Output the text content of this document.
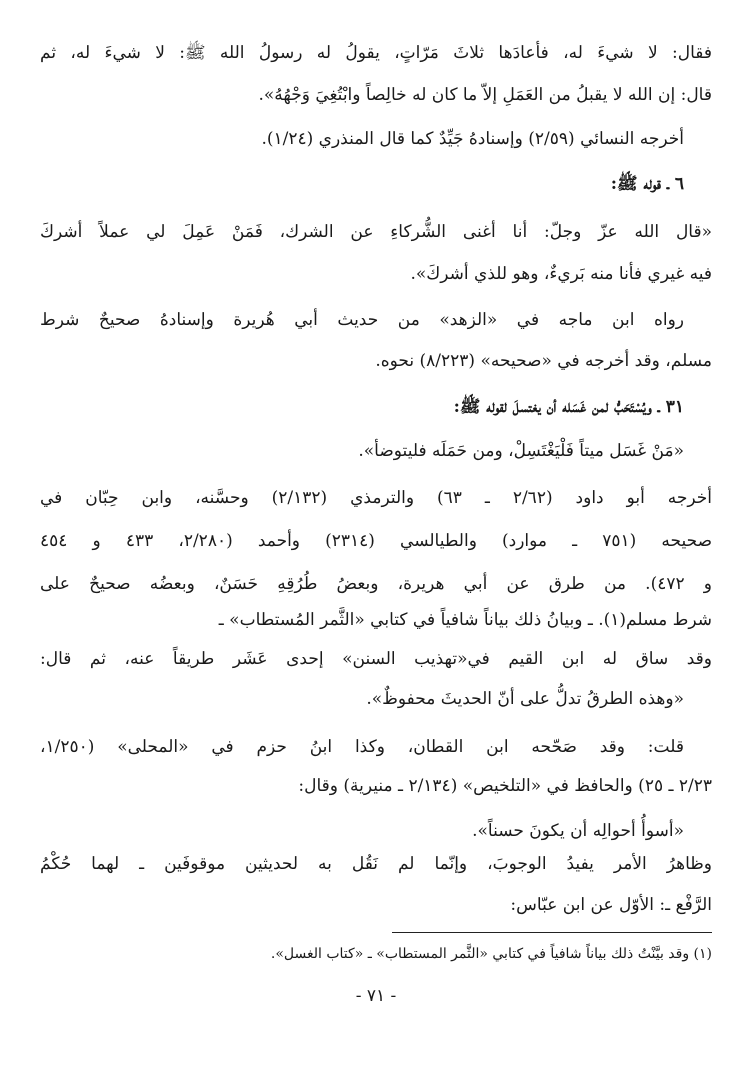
فقال: لا شيءَ له، فأعادَها ثلاثَ مَرّاتٍ، يقولُ له رسولُ الله ﷺ: لا شيءَ له، ثم
قال: إن الله لا يقبلُ من العَمَلِ إلاّ ما كان له خالِصاً وابْتُغِيَ وَجْهُهُ».
أخرجه النسائي (٢/٥٩) وإسنادهُ جَيِّدٌ كما قال المنذري (١/٢٤).
٦ ـ قوله ﷺ:
«قال الله عزّ وجلّ: أنا أغنى الشُّركاءِ عن الشرك، فَمَنْ عَمِلَ لي عملاً أشركَ
فيه غيري فأنا منه بَريءٌ، وهو للذي أشركَ».
رواه ابن ماجه في «الزهد» من حديث أبي هُريرة وإسنادهُ صحيحٌ شرط
مسلم، وقد أخرجه في «صحيحه» (٨/٢٢٣) نحوه.
٣١ ـ ويُسْتَحَبُّ لمن غَسَله أن يغتسلَ لقوله ﷺ:
«مَنْ غَسَل ميتاً فَلْيَغْتَسِلْ، ومن حَمَلَه فليتوضأ».
أخرجه أبو داود (٢/٦٢ ـ ٦٣) والترمذي (٢/١٣٢) وحسَّنه، وابن حِبّان في
صحيحه (٧٥١ ـ موارد) والطيالسي (٢٣١٤) وأحمد (٢/٢٨٠، ٤٣٣ و ٤٥٤
و ٤٧٢). من طرق عن أبي هريرة، وبعضُ طُرُقِهِ حَسَنٌ، وبعضُه صحيحٌ على
شرط مسلم(١). ـ وبيانُ ذلك بياناً شافياً في كتابي «الثَّمر المُستطاب» ـ
وقد ساق له ابن القيم في«تهذيب السنن» إحدى عَشَر طريقاً عنه، ثم قال:
«وهذه الطرقُ تدلُّ على أنّ الحديثَ محفوظٌ».
قلت: وقد صَحّحه ابن القطان، وكذا ابنُ حزم في «المحلى» (١/٢٥٠،
٢/٢٣ ـ ٢٥) والحافظ في «التلخيص» (٢/١٣٤ ـ منيرية) وقال:
«أسوأُ أحوالِه أن يكونَ حسناً».
وظاهرُ الأمر يفيدُ الوجوبَ، وإنّما لم نَقُل به لحديثين موقوفَين ـ لهما حُكْمُ
الرَّفْع ـ: الأوّل عن ابن عبّاس:
(١) وقد بيَّنْتُ ذلك بياناً شافياً في كتابي «الثَّمر المستطاب» ـ «كتاب الغسل».
- ٧١ -
